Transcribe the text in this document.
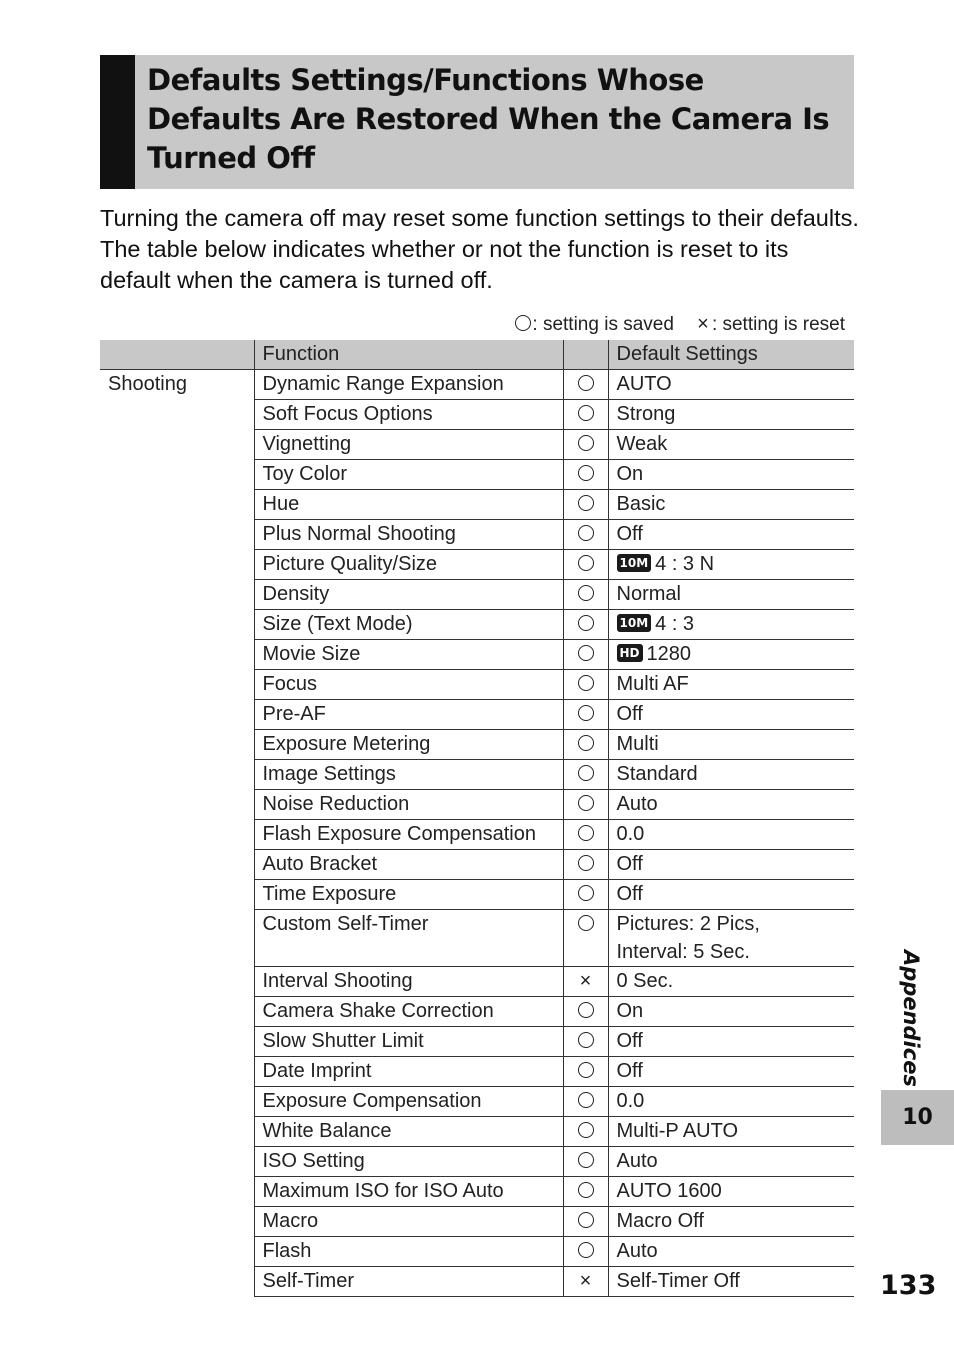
Defaults Settings/Functions Whose Defaults Are Restored When the Camera Is Turned Off
Turning the camera off may reset some function settings to their defaults. The table below indicates whether or not the function is reset to its default when the camera is turned off.
: setting is saved × : setting is reset
	Function		Default Settings
Shooting	Dynamic Range Expansion		AUTO
	Soft Focus Options		Strong
	Vignetting		Weak
	Toy Color		On
	Hue		Basic
	Plus Normal Shooting		Off
	Picture Quality/Size		10M 4 : 3 N
	Density		Normal
	Size (Text Mode)		10M 4 : 3
	Movie Size		HD 1280
	Focus		Multi AF
	Pre-AF		Off
	Exposure Metering		Multi
	Image Settings		Standard
	Noise Reduction		Auto
	Flash Exposure Compensation		0.0
	Auto Bracket		Off
	Time Exposure		Off
	Custom Self-Timer		Pictures: 2 Pics,
Interval: 5 Sec.
	Interval Shooting	×	0 Sec.
	Camera Shake Correction		On
	Slow Shutter Limit		Off
	Date Imprint		Off
	Exposure Compensation		0.0
	White Balance		Multi-P AUTO
	ISO Setting		Auto
	Maximum ISO for ISO Auto		AUTO 1600
	Macro		Macro Off
	Flash		Auto
	Self-Timer	×	Self-Timer Off
Appendices
10
133
